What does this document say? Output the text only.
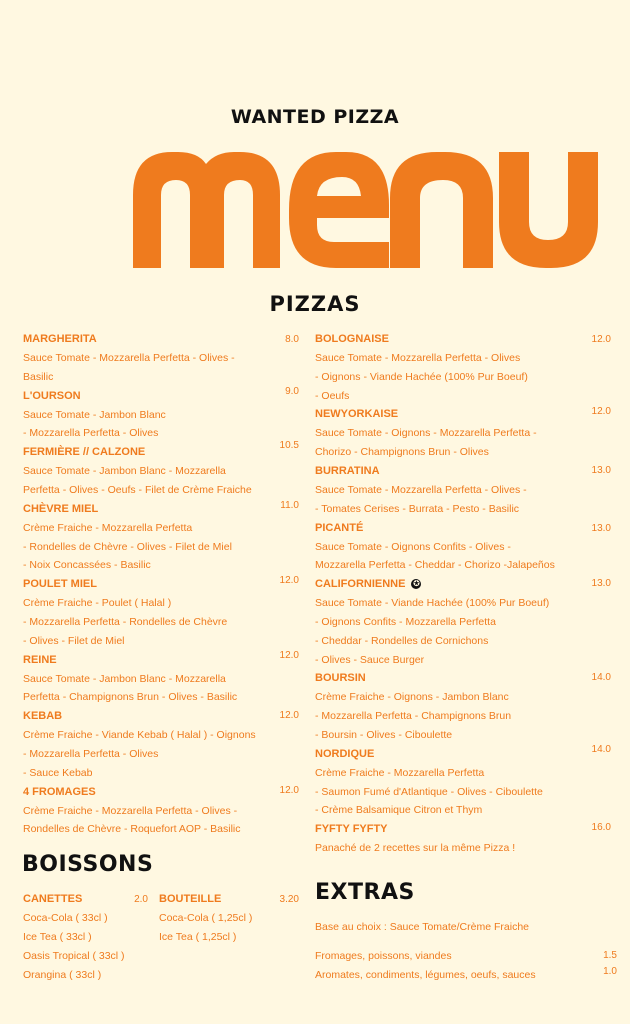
WANTED PIZZA
PIZZAS
BOISSONS
EXTRAS
MARGHERITA
Sauce Tomate - Mozzarella Perfetta - Olives -
Basilic
L'OURSON
Sauce Tomate - Jambon Blanc
- Mozzarella Perfetta - Olives
FERMIÈRE // CALZONE
Sauce Tomate - Jambon Blanc - Mozzarella
Perfetta - Olives - Oeufs - Filet de Crème Fraiche
CHÈVRE MIEL
Crème Fraiche - Mozzarella Perfetta
- Rondelles de Chèvre - Olives - Filet de Miel
- Noix Concassées - Basilic
POULET MIEL
Crème Fraiche - Poulet ( Halal )
- Mozzarella Perfetta - Rondelles de Chèvre
- Olives - Filet de Miel
REINE
Sauce Tomate - Jambon Blanc - Mozzarella
Perfetta - Champignons Brun - Olives - Basilic
KEBAB
Crème Fraiche - Viande Kebab ( Halal ) - Oignons
- Mozzarella Perfetta - Olives
- Sauce Kebab
4 FROMAGES
Crème Fraiche - Mozzarella Perfetta - Olives -
Rondelles de Chèvre - Roquefort AOP - Basilic
8.0
9.0
10.5
11.0
12.0
12.0
12.0
12.0
BOLOGNAISE
Sauce Tomate - Mozzarella Perfetta - Olives
- Oignons - Viande Hachée (100% Pur Boeuf)
- Oeufs
NEWYORKAISE
Sauce Tomate - Oignons - Mozzarella Perfetta -
Chorizo - Champignons Brun - Olives
BURRATINA
Sauce Tomate - Mozzarella Perfetta - Olives -
- Tomates Cerises - Burrata - Pesto - Basilic
PICANTÉ
Sauce Tomate - Oignons Confits - Olives -
Mozzarella Perfetta - Cheddar - Chorizo -Jalapeños
CALIFORNIENNE ✪
Sauce Tomate - Viande Hachée (100% Pur Boeuf)
- Oignons Confits - Mozzarella Perfetta
- Cheddar - Rondelles de Cornichons
- Olives - Sauce Burger
BOURSIN
Crème Fraiche - Oignons - Jambon Blanc
- Mozzarella Perfetta - Champignons Brun
- Boursin - Olives - Ciboulette
NORDIQUE
Crème Fraiche - Mozzarella Perfetta
- Saumon Fumé d'Atlantique - Olives - Ciboulette
- Crème Balsamique Citron et Thym
FYFTY FYFTY
Panaché de 2 recettes sur la même Pizza !
12.0
12.0
13.0
13.0
13.0
14.0
14.0
16.0
CANETTES
Coca-Cola ( 33cl )
Ice Tea ( 33cl )
Oasis Tropical ( 33cl )
Orangina ( 33cl )
2.0 BOUTEILLE
Coca-Cola ( 1,25cl )
Ice Tea ( 1,25cl )
3.20
Base au choix : Sauce Tomate/Crème Fraiche
Fromages, poissons, viandes
Aromates, condiments, légumes, oeufs, sauces
1.5
1.0
